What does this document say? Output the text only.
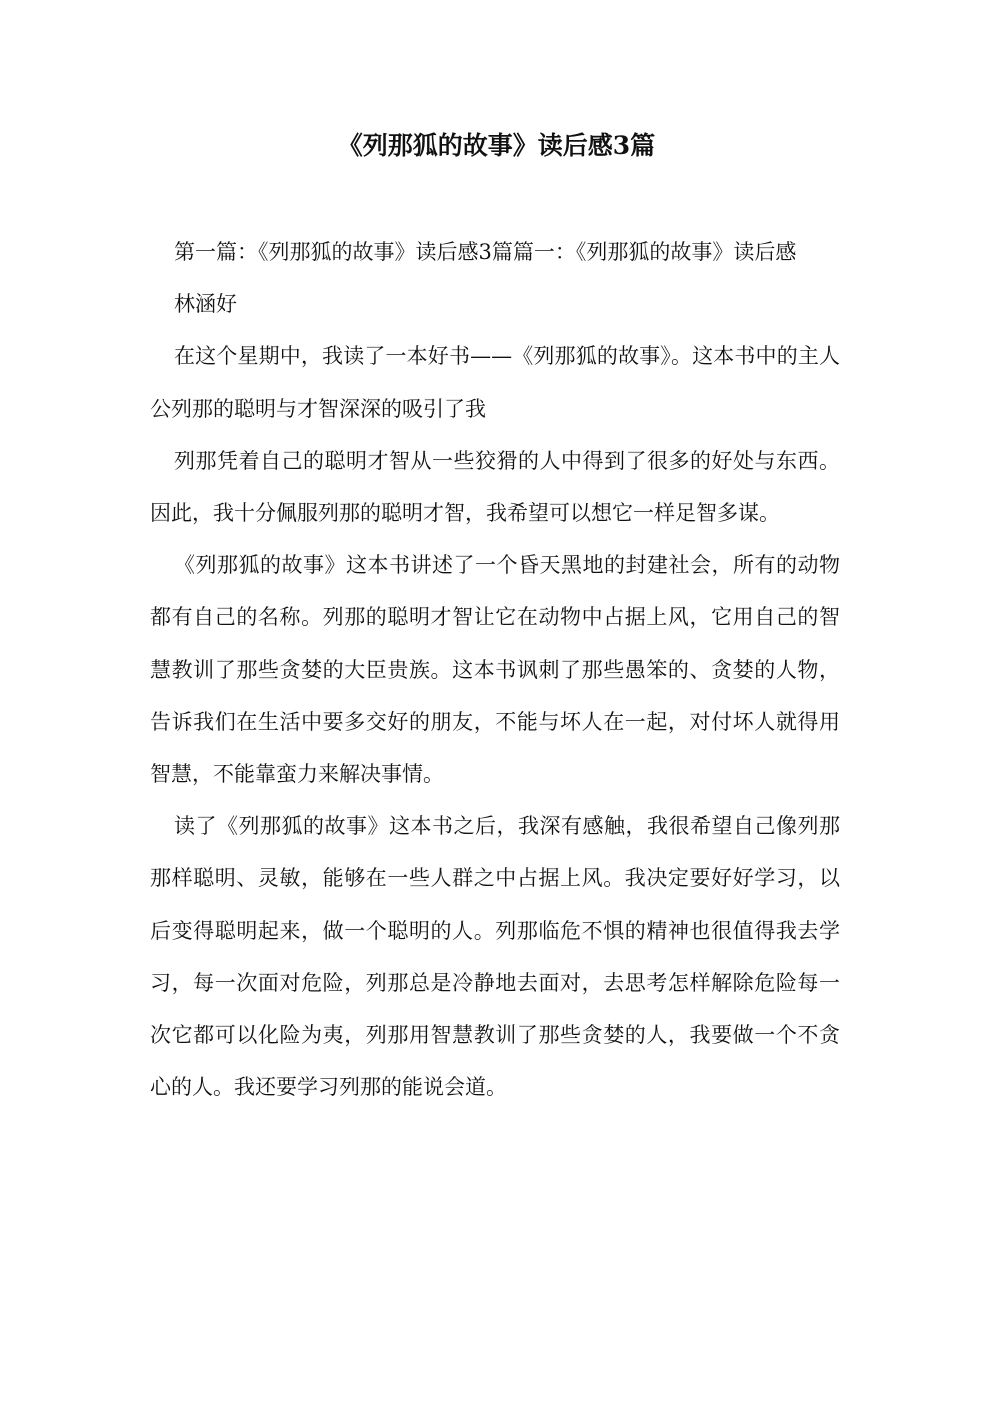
《列那狐的故事》读后感3篇

第一篇：《列那狐的故事》读后感3篇篇一：《列那狐的故事》读后感

林涵好

在这个星期中，我读了一本好书——《列那狐的故事》。这本书中的主人公列那的聪明与才智深深的吸引了我

列那凭着自己的聪明才智从一些狡猾的人中得到了很多的好处与东西。因此，我十分佩服列那的聪明才智，我希望可以想它一样足智多谋。

《列那狐的故事》这本书讲述了一个昏天黑地的封建社会，所有的动物都有自己的名称。列那的聪明才智让它在动物中占据上风，它用自己的智慧教训了那些贪婪的大臣贵族。这本书讽刺了那些愚笨的、贪婪的人物，告诉我们在生活中要多交好的朋友，不能与坏人在一起，对付坏人就得用智慧，不能靠蛮力来解决事情。

读了《列那狐的故事》这本书之后，我深有感触，我很希望自己像列那那样聪明、灵敏，能够在一些人群之中占据上风。我决定要好好学习，以后变得聪明起来，做一个聪明的人。列那临危不惧的精神也很值得我去学习，每一次面对危险，列那总是冷静地去面对，去思考怎样解除危险每一次它都可以化险为夷，列那用智慧教训了那些贪婪的人，我要做一个不贪心的人。我还要学习列那的能说会道。
